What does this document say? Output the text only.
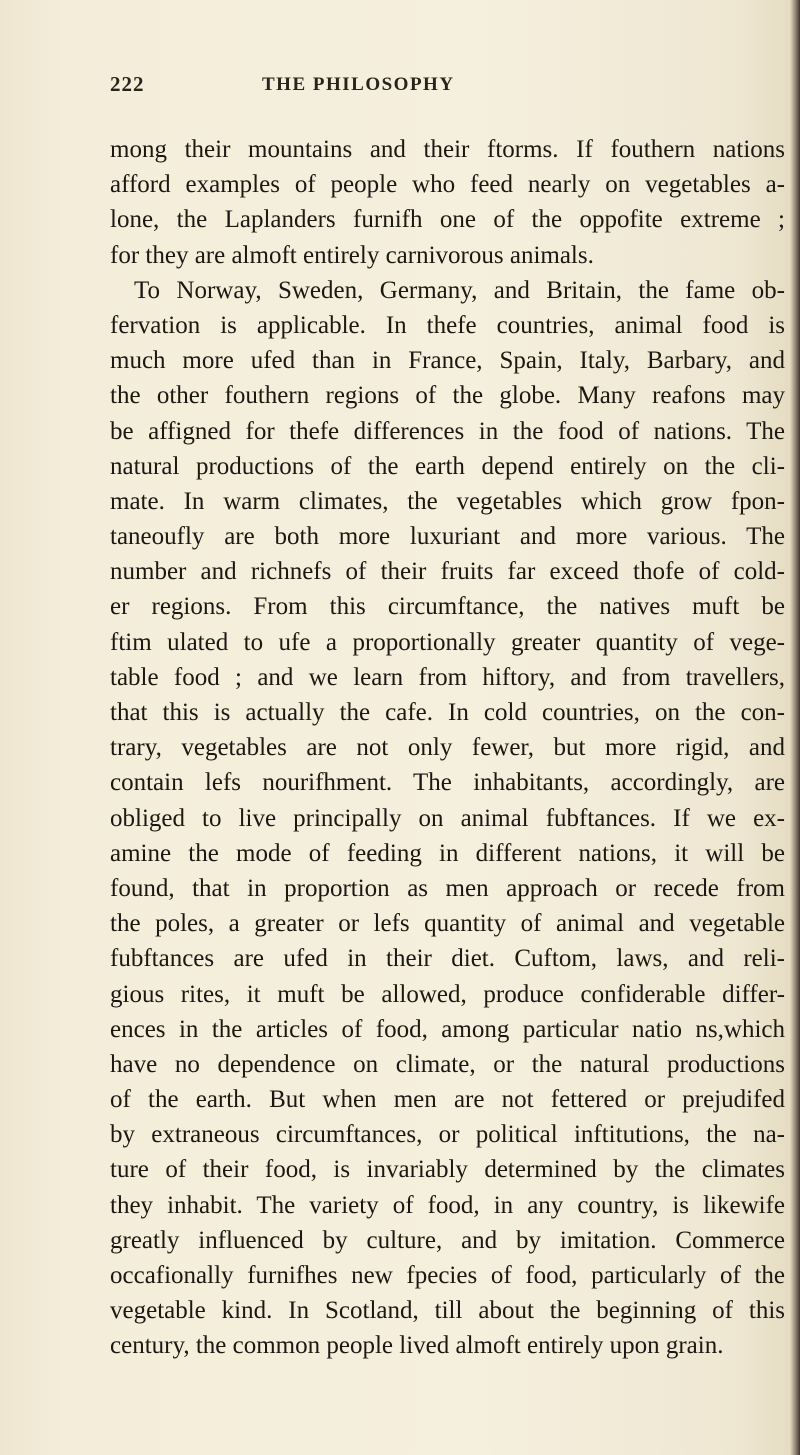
222	THE PHILOSOPHY
mong their mountains and their ftorms. If fouthern nations
afford examples of people who feed nearly on vegetables a-
lone, the Laplanders furnifh one of the oppofite extreme ;
for they are almoft entirely carnivorous animals.
To Norway, Sweden, Germany, and Britain, the fame ob-
fervation is applicable. In thefe countries, animal food is
much more ufed than in France, Spain, Italy, Barbary, and
the other fouthern regions of the globe. Many reafons may
be affigned for thefe differences in the food of nations. The
natural productions of the earth depend entirely on the cli-
mate. In warm climates, the vegetables which grow fpon-
taneoufly are both more luxuriant and more various. The
number and richnefs of their fruits far exceed thofe of cold-
er regions. From this circumftance, the natives muft be
ftim ulated to ufe a proportionally greater quantity of vege-
table food ; and we learn from hiftory, and from travellers,
that this is actually the cafe. In cold countries, on the con-
trary, vegetables are not only fewer, but more rigid, and
contain lefs nourifhment. The inhabitants, accordingly, are
obliged to live principally on animal fubftances. If we ex-
amine the mode of feeding in different nations, it will be
found, that in proportion as men approach or recede from
the poles, a greater or lefs quantity of animal and vegetable
fubftances are ufed in their diet. Cuftom, laws, and reli-
gious rites, it muft be allowed, produce confiderable differ-
ences in the articles of food, among particular natio ns,which
have no dependence on climate, or the natural productions
of the earth. But when men are not fettered or prejudifed
by extraneous circumftances, or political inftitutions, the na-
ture of their food, is invariably determined by the climates
they inhabit. The variety of food, in any country, is likewife
greatly influenced by culture, and by imitation. Commerce
occafionally furnifhes new fpecies of food, particularly of the
vegetable kind. In Scotland, till about the beginning of this
century, the common people lived almoft entirely upon grain.
